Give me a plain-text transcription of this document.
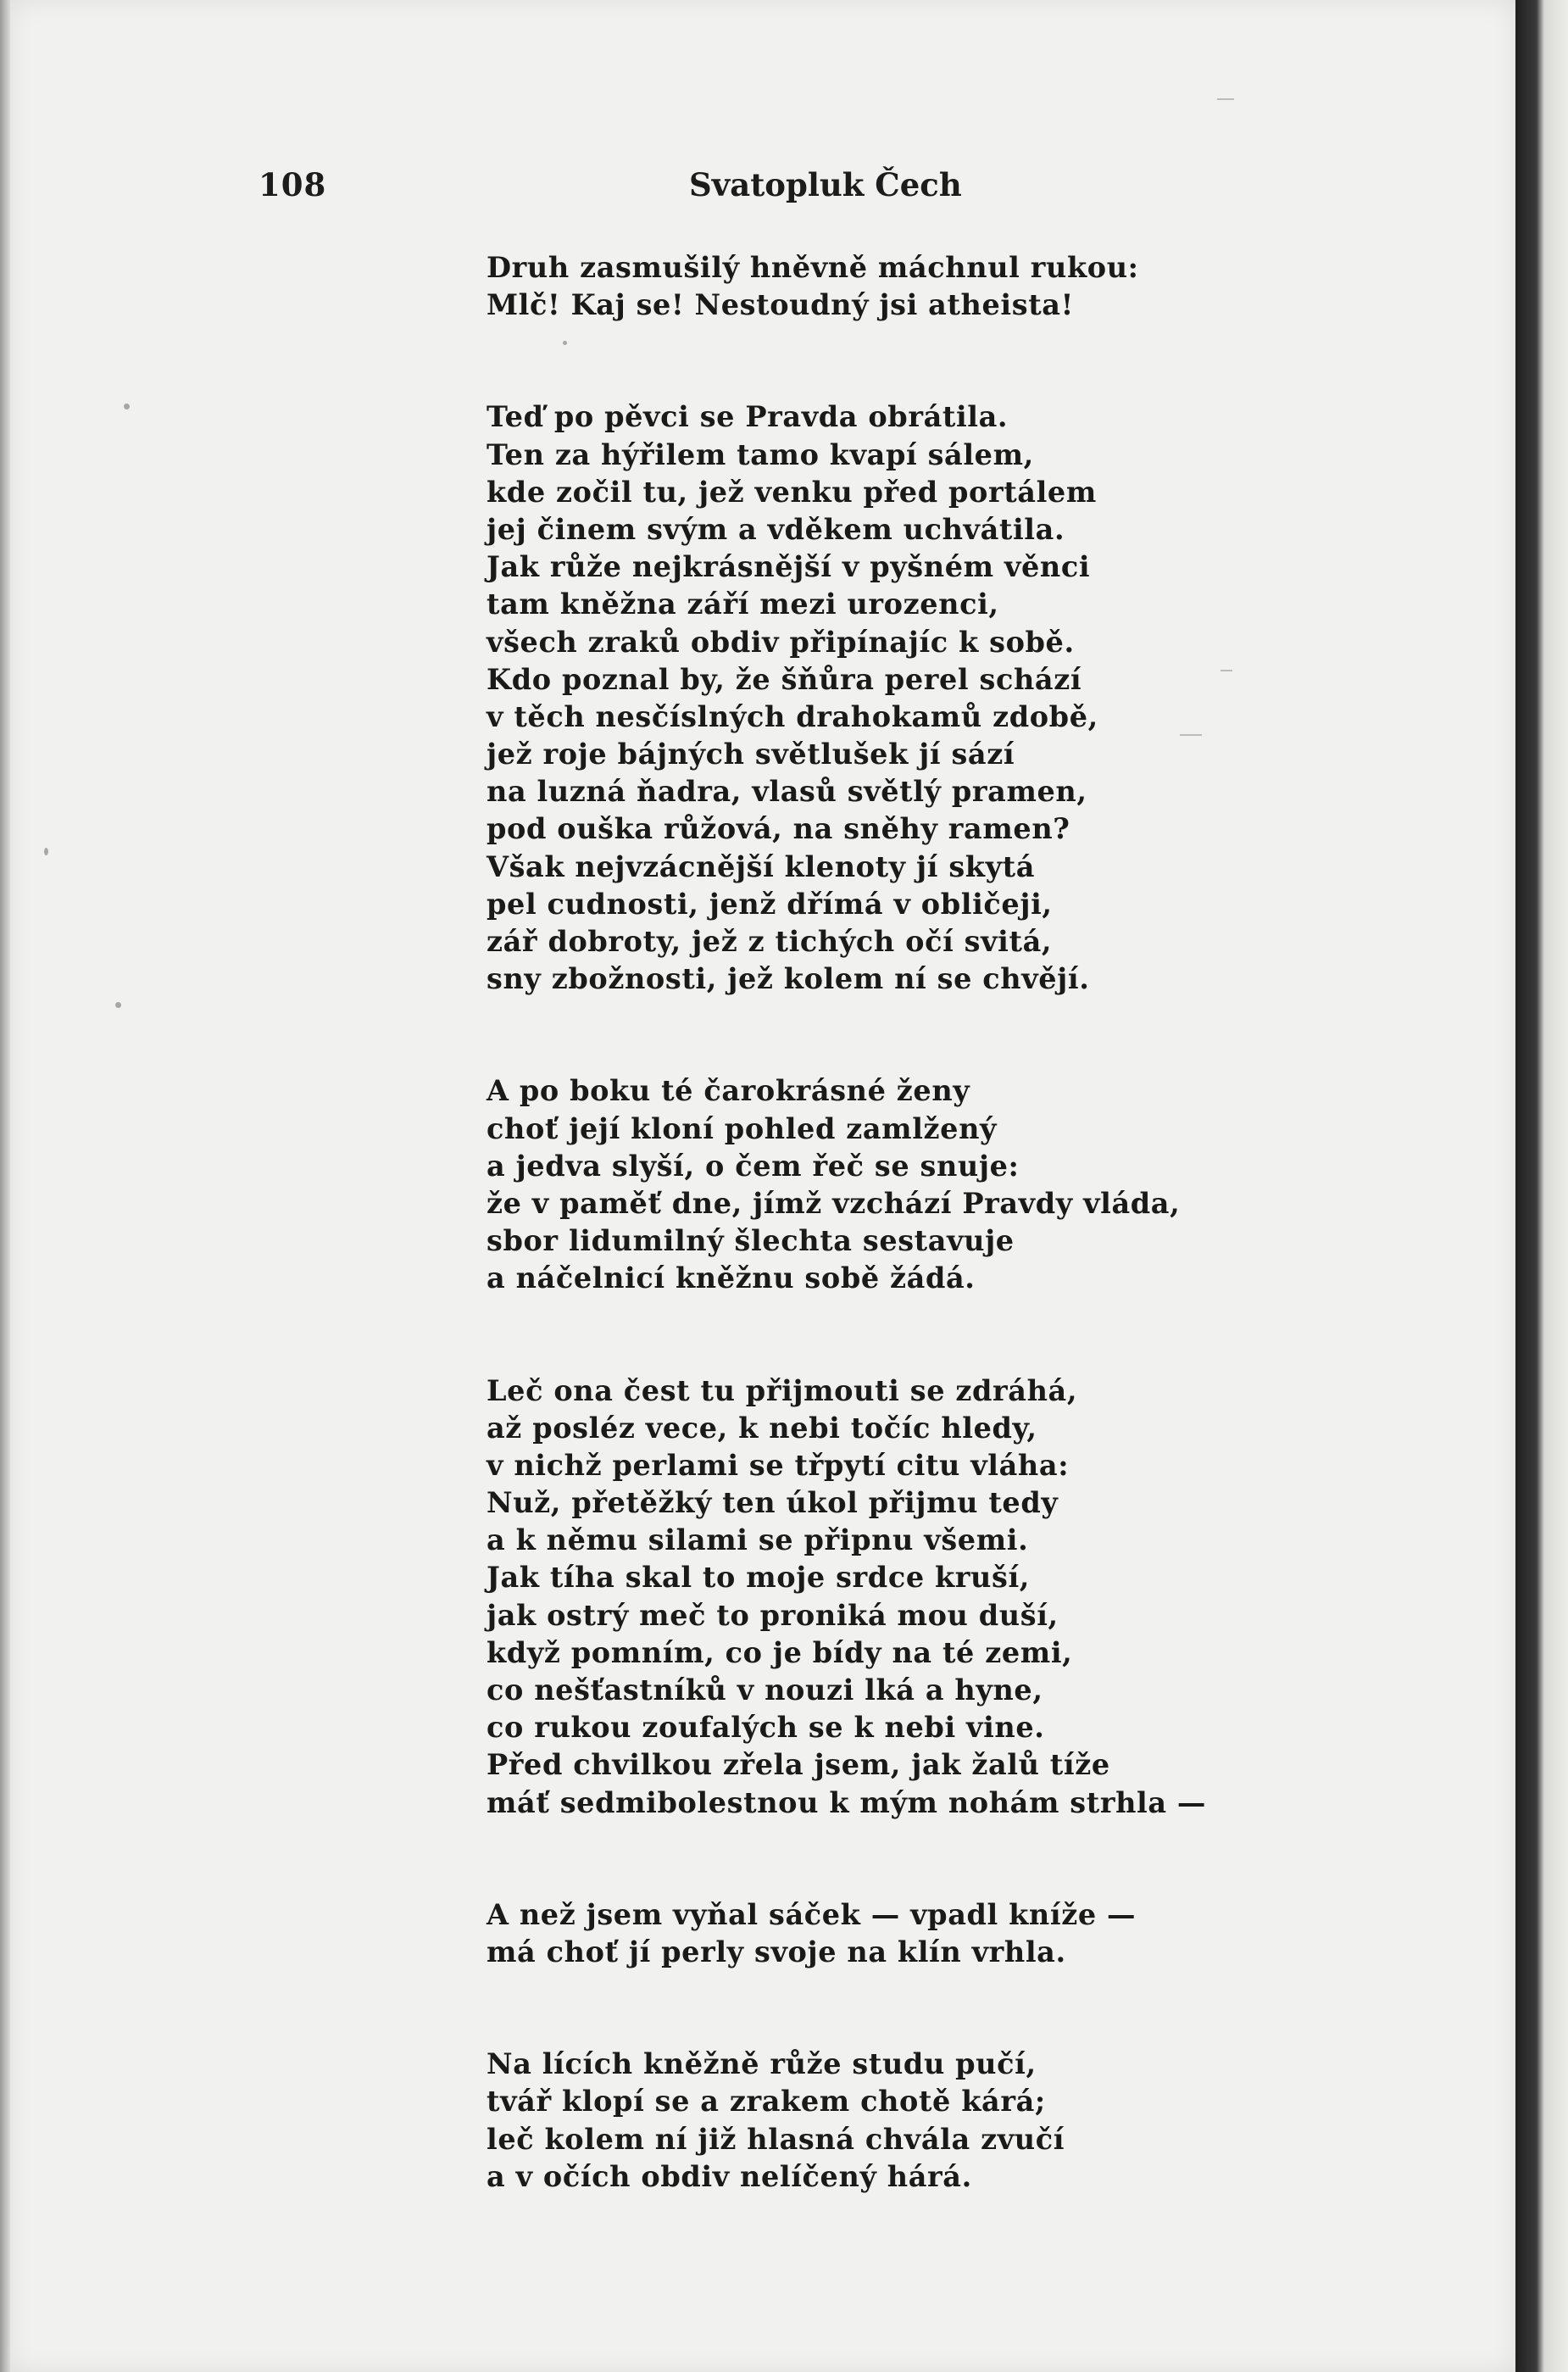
108	Svatopluk Čech
Druh zasmušilý hněvně máchnul rukou:
Mlč! Kaj se! Nestoudný jsi atheista!
Teď po pěvci se Pravda obrátila.
Ten za hýřilem tamo kvapí sálem,
kde zočil tu, jež venku před portálem
jej činem svým a vděkem uchvátila.
Jak růže nejkrásnější v pyšném věnci
tam kněžna září mezi urozenci,
všech zraků obdiv připínajíc k sobě.
Kdo poznal by, že šňůra perel schází
v těch nesčíslných drahokamů zdobě,
jež roje bájných světlušek jí sází
na luzná ňadra, vlasů světlý pramen,
pod ouška růžová, na sněhy ramen?
Však nejvzácnější klenoty jí skytá
pel cudnosti, jenž dřímá v obličeji,
zář dobroty, jež z tichých očí svitá,
sny zbožnosti, jež kolem ní se chvějí.
A po boku té čarokrásné ženy
choť její kloní pohled zamlžený
a jedva slyší, o čem řeč se snuje:
že v paměť dne, jímž vzchází Pravdy vláda,
sbor lidumilný šlechta sestavuje
a náčelnicí kněžnu sobě žádá.
Leč ona čest tu přijmouti se zdráhá,
až posléz vece, k nebi točíc hledy,
v nichž perlami se třpytí citu vláha:
Nuž, přetěžký ten úkol přijmu tedy
a k němu silami se připnu všemi.
Jak tíha skal to moje srdce kruší,
jak ostrý meč to proniká mou duší,
když pomním, co je bídy na té zemi,
co nešťastníků v nouzi lká a hyne,
co rukou zoufalých se k nebi vine.
Před chvilkou zřela jsem, jak žalů tíže
máť sedmibolestnou k mým nohám strhla —
A než jsem vyňal sáček — vpadl kníže —
má choť jí perly svoje na klín vrhla.
Na lících kněžně růže studu pučí,
tvář klopí se a zrakem chotě kárá;
leč kolem ní již hlasná chvála zvučí
a v očích obdiv nelíčený hárá.
